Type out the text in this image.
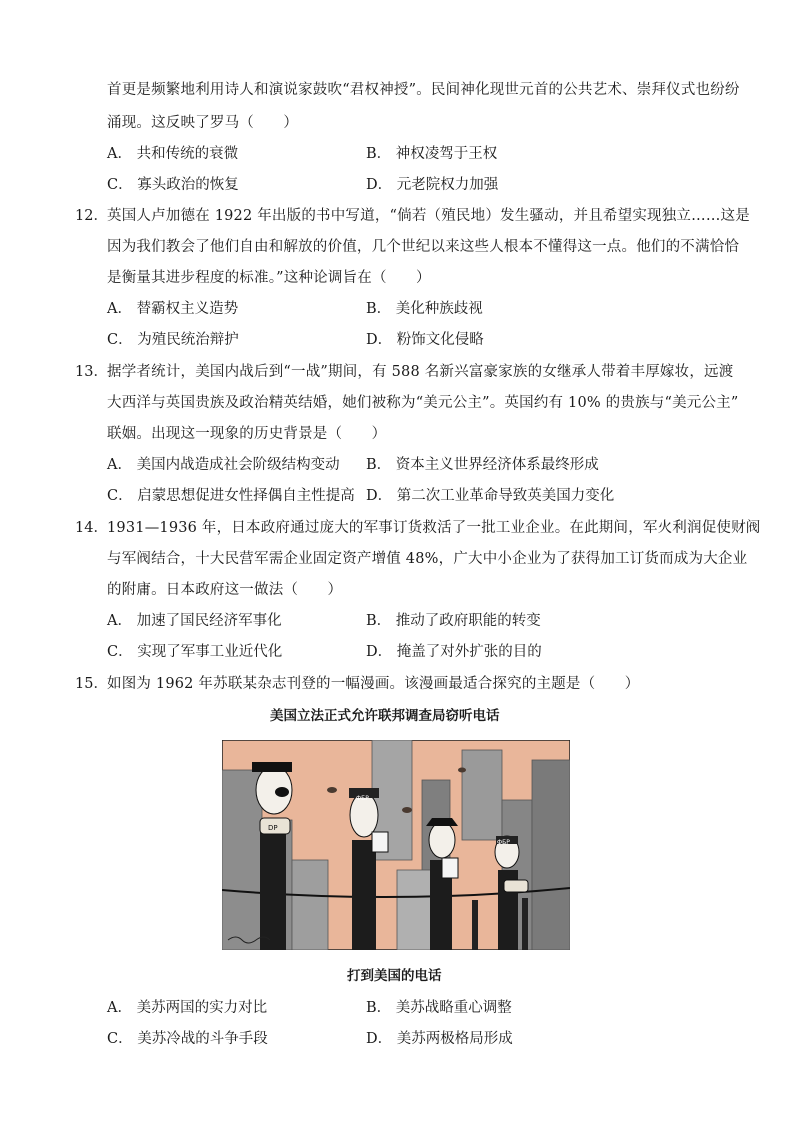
首更是频繁地利用诗人和演说家鼓吹“君权神授”。民间神化现世元首的公共艺术、崇拜仪式也纷纷
涌现。这反映了罗马（　　）
A． 共和传统的衰微	B． 神权凌驾于王权
C． 寡头政治的恢复	D． 元老院权力加强
12． 英国人卢加德在 1922 年出版的书中写道，“倘若（殖民地）发生骚动，并且希望实现独立……这是
因为我们教会了他们自由和解放的价值，几个世纪以来这些人根本不懂得这一点。他们的不满恰恰
是衡量其进步程度的标准。”这种论调旨在（　　）
A． 替霸权主义造势	B． 美化种族歧视
C． 为殖民统治辩护	D． 粉饰文化侵略
13． 据学者统计，美国内战后到“一战”期间，有 588 名新兴富豪家族的女继承人带着丰厚嫁妆，远渡
大西洋与英国贵族及政治精英结婚，她们被称为“美元公主”。英国约有 10% 的贵族与“美元公主”
联姻。出现这一现象的历史背景是（　　）
A． 美国内战造成社会阶级结构变动 B． 资本主义世界经济体系最终形成
C． 启蒙思想促进女性择偶自主性提高 D． 第二次工业革命导致英美国力变化
14． 1931—1936 年，日本政府通过庞大的军事订货救活了一批工业企业。在此期间，军火利润促使财阀
与军阀结合，十大民营军需企业固定资产增值 48%，广大中小企业为了获得加工订货而成为大企业
的附庸。日本政府这一做法（　　）
A． 加速了国民经济军事化	B． 推动了政府职能的转变
C． 实现了军事工业近代化	D． 掩盖了对外扩张的目的
15． 如图为 1962 年苏联某杂志刊登的一幅漫画。该漫画最适合探究的主题是（　　）
美国立法正式允许联邦调查局窃听电话
DP
ФБР
ФБР
打到美国的电话
A． 美苏两国的实力对比	B． 美苏战略重心调整
C． 美苏冷战的斗争手段	D． 美苏两极格局形成
